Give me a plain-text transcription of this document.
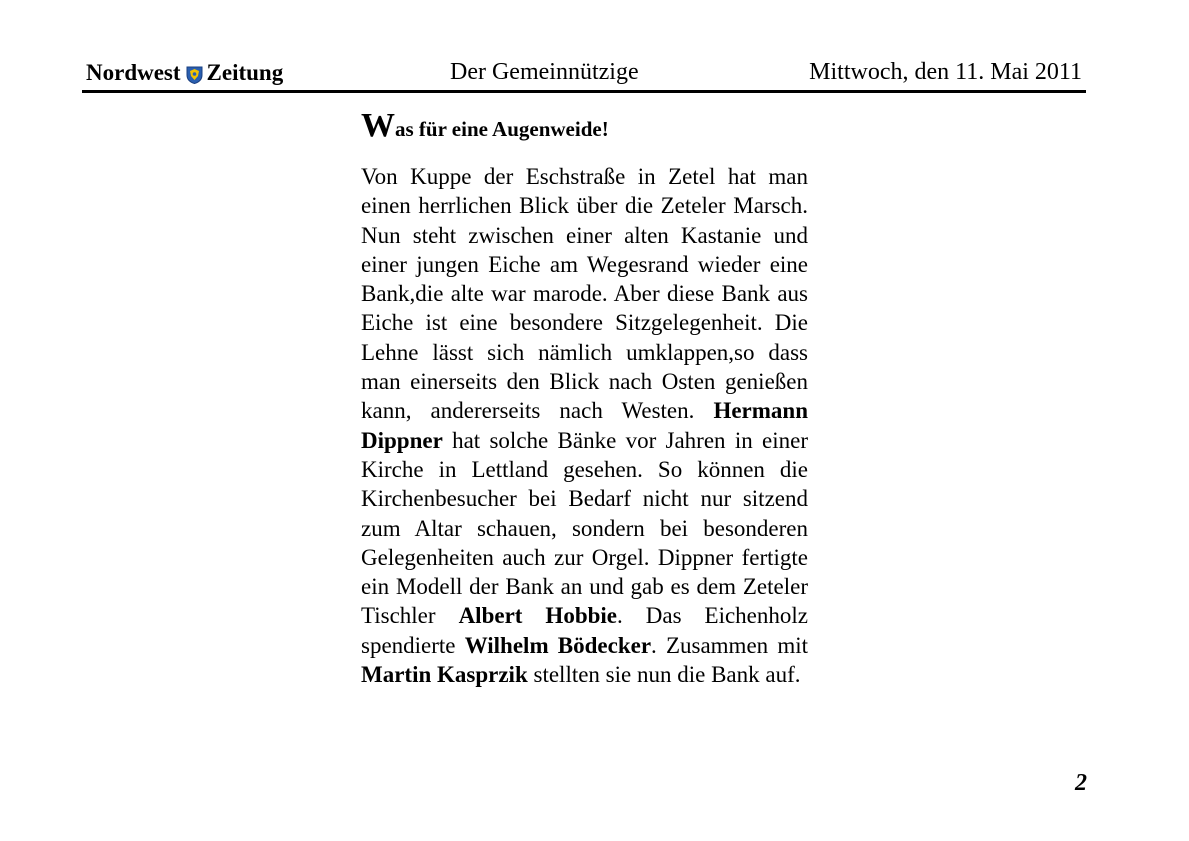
Nordwest Zeitung	Der Gemeinnützige	Mittwoch, den 11. Mai 2011
Was für eine Augenweide!

Von Kuppe der Eschstraße in Zetel hat man einen herrlichen Blick über die Zeteler Marsch. Nun steht zwischen einer alten Kastanie und einer jungen Eiche am Wegesrand wieder eine Bank,die alte war marode. Aber diese Bank aus Eiche ist eine besondere Sitzgelegenheit. Die Lehne lässt sich nämlich umklappen,so dass man einerseits den Blick nach Osten genießen kann, andererseits nach Westen. Hermann Dippner hat solche Bänke vor Jahren in einer Kirche in Lettland gesehen. So können die Kirchenbesucher bei Bedarf nicht nur sitzend zum Altar schauen, sondern bei besonderen Gelegenheiten auch zur Orgel. Dippner fertigte ein Modell der Bank an und gab es dem Zeteler Tischler Albert Hobbie. Das Eichenholz spendierte Wilhelm Bödecker. Zusammen mit Martin Kasprzik stellten sie nun die Bank auf.

2
